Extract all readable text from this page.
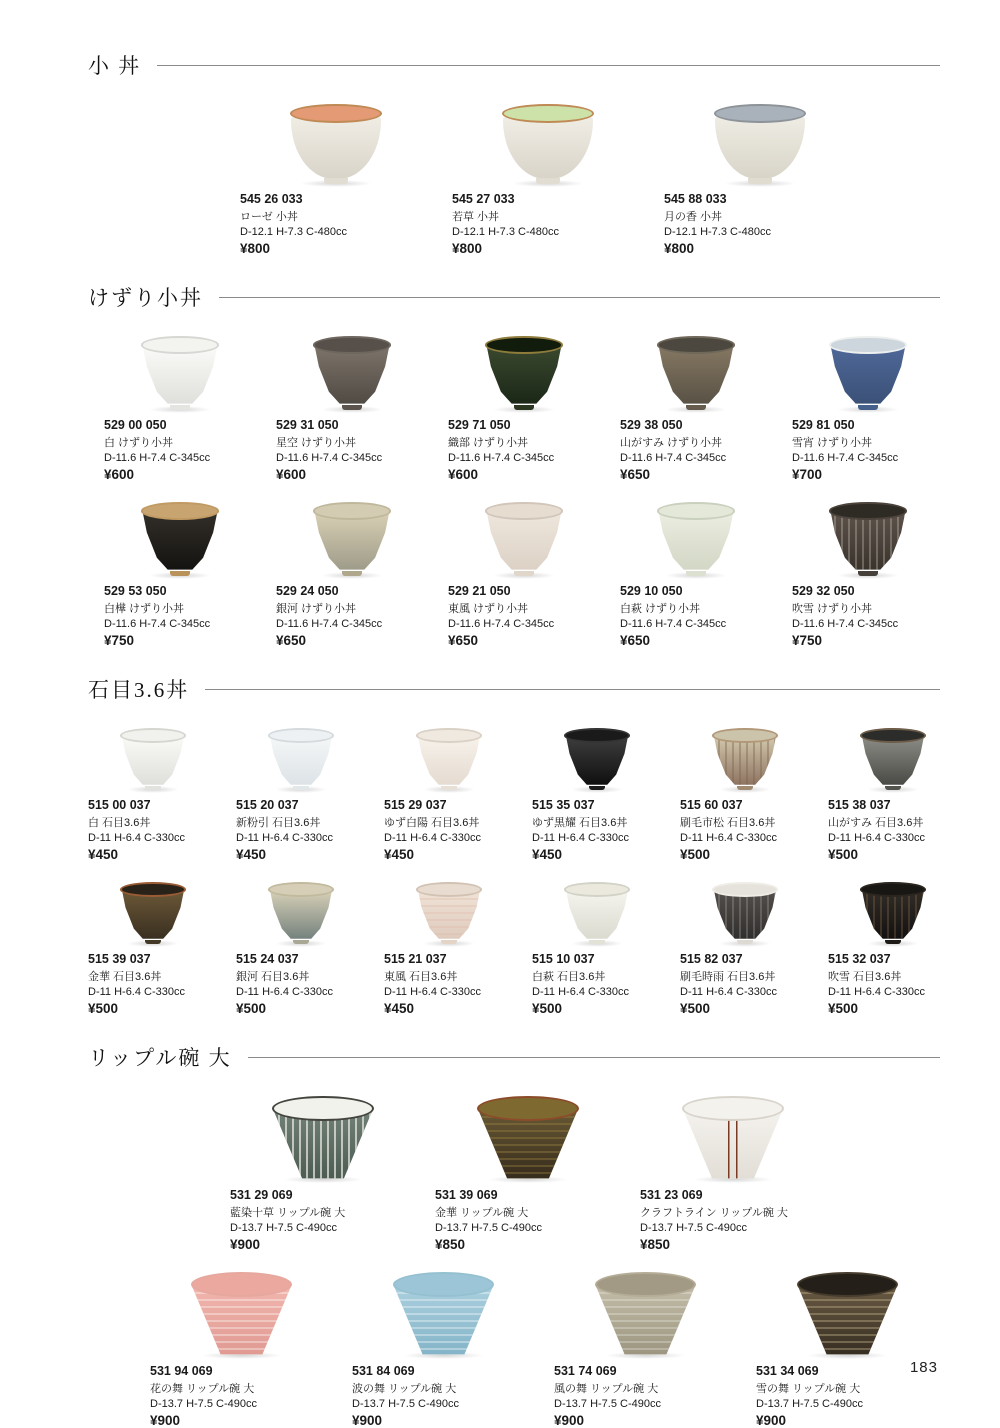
小 丼
545 26 033
ローゼ 小丼
D-12.1 H-7.3 C-480cc
¥800
545 27 033
若草 小丼
D-12.1 H-7.3 C-480cc
¥800
545 88 033
月の香 小丼
D-12.1 H-7.3 C-480cc
¥800
けずり小丼
529 00 050
白 けずり小丼
D-11.6 H-7.4 C-345cc
¥600
529 31 050
星空 けずり小丼
D-11.6 H-7.4 C-345cc
¥600
529 71 050
織部 けずり小丼
D-11.6 H-7.4 C-345cc
¥600
529 38 050
山がすみ けずり小丼
D-11.6 H-7.4 C-345cc
¥650
529 81 050
雪宵 けずり小丼
D-11.6 H-7.4 C-345cc
¥700
529 53 050
白樺 けずり小丼
D-11.6 H-7.4 C-345cc
¥750
529 24 050
銀河 けずり小丼
D-11.6 H-7.4 C-345cc
¥650
529 21 050
東風 けずり小丼
D-11.6 H-7.4 C-345cc
¥650
529 10 050
白萩 けずり小丼
D-11.6 H-7.4 C-345cc
¥650
529 32 050
吹雪 けずり小丼
D-11.6 H-7.4 C-345cc
¥750
石目3.6丼
515 00 037
白 石目3.6丼
D-11 H-6.4 C-330cc
¥450
515 20 037
新粉引 石目3.6丼
D-11 H-6.4 C-330cc
¥450
515 29 037
ゆず白陽 石目3.6丼
D-11 H-6.4 C-330cc
¥450
515 35 037
ゆず黒耀 石目3.6丼
D-11 H-6.4 C-330cc
¥450
515 60 037
刷毛市松 石目3.6丼
D-11 H-6.4 C-330cc
¥500
515 38 037
山がすみ 石目3.6丼
D-11 H-6.4 C-330cc
¥500
515 39 037
金華 石目3.6丼
D-11 H-6.4 C-330cc
¥500
515 24 037
銀河 石目3.6丼
D-11 H-6.4 C-330cc
¥500
515 21 037
東風 石目3.6丼
D-11 H-6.4 C-330cc
¥450
515 10 037
白萩 石目3.6丼
D-11 H-6.4 C-330cc
¥500
515 82 037
刷毛時雨 石目3.6丼
D-11 H-6.4 C-330cc
¥500
515 32 037
吹雪 石目3.6丼
D-11 H-6.4 C-330cc
¥500
リップル碗 大
531 29 069
藍染十草 リップル碗 大
D-13.7 H-7.5 C-490cc
¥900
531 39 069
金華 リップル碗 大
D-13.7 H-7.5 C-490cc
¥850
531 23 069
クラフトライン リップル碗 大
D-13.7 H-7.5 C-490cc
¥850
531 94 069
花の舞 リップル碗 大
D-13.7 H-7.5 C-490cc
¥900
531 84 069
波の舞 リップル碗 大
D-13.7 H-7.5 C-490cc
¥900
531 74 069
風の舞 リップル碗 大
D-13.7 H-7.5 C-490cc
¥900
531 34 069
雪の舞 リップル碗 大
D-13.7 H-7.5 C-490cc
¥900
183
